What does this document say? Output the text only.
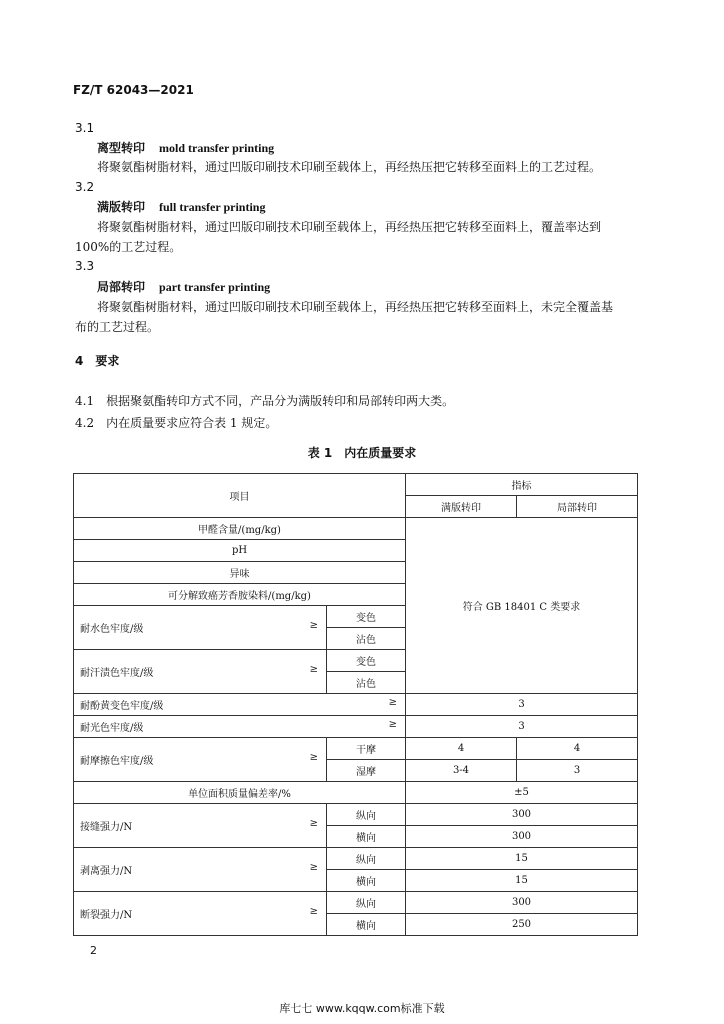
FZ/T 62043—2021
3.1
离型转印 mold transfer printing
将聚氨酯树脂材料，通过凹版印刷技术印刷至载体上，再经热压把它转移至面料上的工艺过程。
3.2
满版转印 full transfer printing
将聚氨酯树脂材料，通过凹版印刷技术印刷至载体上，再经热压把它转移至面料上，覆盖率达到
100%的工艺过程。
3.3
局部转印 part transfer printing
将聚氨酯树脂材料，通过凹版印刷技术印刷至载体上，再经热压把它转移至面料上，未完全覆盖基
布的工艺过程。
4　要求
4.1　根据聚氨酯转印方式不同，产品分为满版转印和局部转印两大类。
4.2　内在质量要求应符合表 1 规定。
表 1　内在质量要求
项目		指标	
		满版转印	局部转印
甲醛含量/(mg/kg)		符合 GB 18401 C 类要求	
pH			
异味			
可分解致癌芳香胺染料/(mg/kg)			
耐水色牢度/级 ≥	变色		
	沾色		
耐汗渍色牢度/级 ≥	变色		
	沾色		
耐酚黄变色牢度/级 ≥		3	
耐光色牢度/级 ≥		3	
耐摩擦色牢度/级 ≥	干摩	4	4
	湿摩	3-4	3
单位面积质量偏差率/%		±5	
接缝强力/N ≥	纵向	300	
	横向	300	
剥离强力/N ≥	纵向	15	
	横向	15	
断裂强力/N ≥	纵向	300	
	横向	250	
2
库七七 www.kqqw.com标准下载
